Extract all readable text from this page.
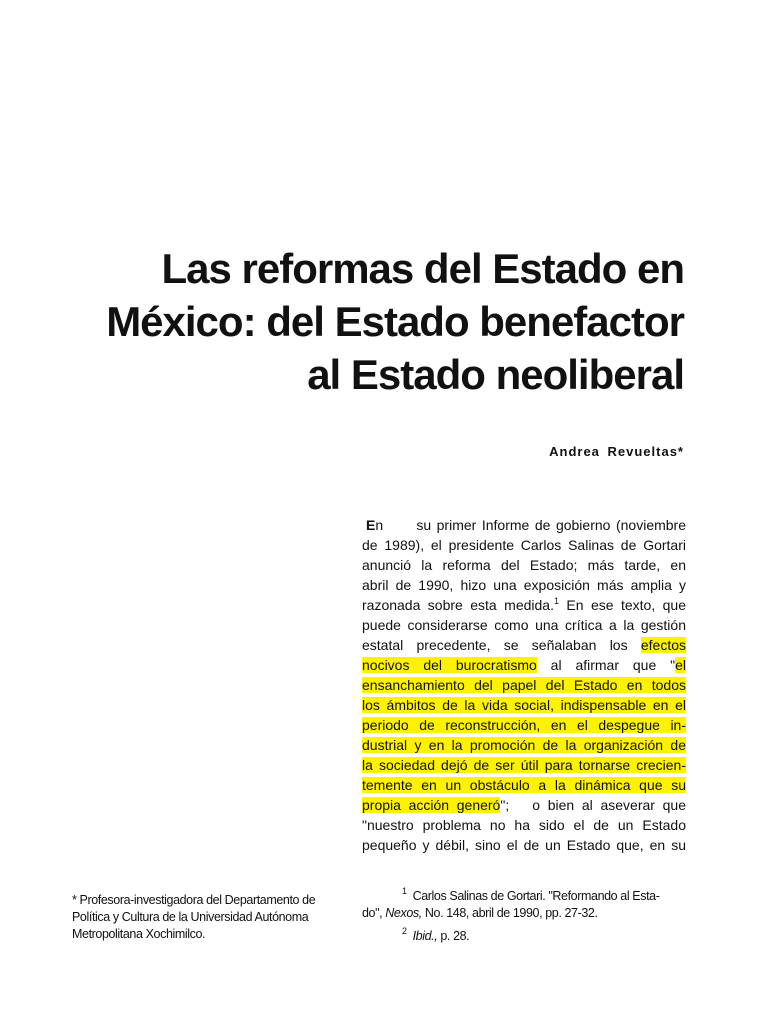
Las reformas del Estado en
México: del Estado benefactor
al Estado neoliberal
Andrea Revueltas*
En      su primer Informe de gobierno (noviembre
de 1989), el presidente Carlos Salinas de Gortari
anunció la reforma del Estado; más tarde, en
abril de 1990, hizo una exposición más amplia y
razonada sobre esta medida.$^1$ En ese texto, que
puede considerarse como una crítica a la gestión
estatal precedente, se señalaban los efectos
nocivos del burocratismo al afirmar que "el
ensanchamiento del papel del Estado en todos
los ámbitos de la vida social, indispensable en el
periodo de reconstrucción, en el despegue in-
dustrial y en la promoción de la organización de
la sociedad dejó de ser útil para tornarse crecien-
temente en un obstáculo a la dinámica que su
propia acción generó";   o bien al aseverar que
"nuestro problema no ha sido el de un Estado
pequeño y débil, sino el de un Estado que, en su
* Profesora-investigadora del Departamento de
Política y Cultura de la Universidad Autónoma
Metropolitana Xochimilco.
$^1$ Carlos Salinas de Gortari. "Reformando al Esta-
do", Nexos, No. 148, abril de 1990, pp. 27-32.
$^2$ Ibid., p. 28.
